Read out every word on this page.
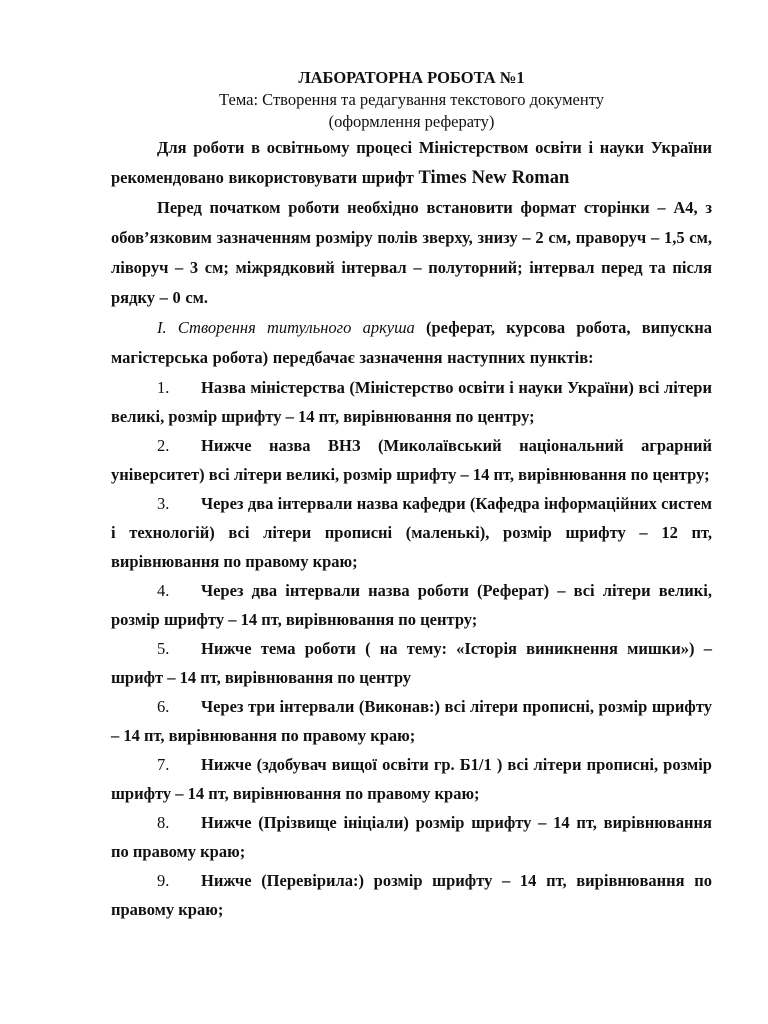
ЛАБОРАТОРНА РОБОТА №1

Тема: Створення та редагування текстового документу

(оформлення реферату)

Для роботи в освітньому процесі Міністерством освіти і науки України рекомендовано використовувати шрифт Times New Roman

Перед початком роботи необхідно встановити формат сторінки – А4, з обов’язковим зазначенням розміру полів зверху, знизу – 2 см, праворуч – 1,5 см, ліворуч – 3 см; міжрядковий інтервал – полуторний; інтервал перед та після рядку – 0 см.

І. Створення титульного аркуша (реферат, курсова робота, випускна магістерська робота) передбачає зазначення наступних пунктів:

1. Назва міністерства (Міністерство освіти і науки України) всі літери великі, розмір шрифту – 14 пт, вирівнювання по центру;

2. Нижче назва ВНЗ (Миколаївський національний аграрний університет) всі літери великі, розмір шрифту – 14 пт, вирівнювання по центру;

3. Через два інтервали назва кафедри (Кафедра інформаційних систем і технологій) всі літери прописні (маленькі), розмір шрифту – 12 пт, вирівнювання по правому краю;

4. Через два інтервали назва роботи (Реферат) – всі літери великі, розмір шрифту – 14 пт, вирівнювання по центру;

5. Нижче тема роботи ( на тему: «Історія виникнення мишки») – шрифт – 14 пт, вирівнювання по центру

6. Через три інтервали (Виконав:) всі літери прописні, розмір шрифту – 14 пт, вирівнювання по правому краю;

7. Нижче (здобувач вищої освіти гр. Б1/1 ) всі літери прописні, розмір шрифту – 14 пт, вирівнювання по правому краю;

8. Нижче (Прізвище ініціали) розмір шрифту – 14 пт, вирівнювання по правому краю;

9. Нижче (Перевірила:) розмір шрифту – 14 пт, вирівнювання по правому краю;
